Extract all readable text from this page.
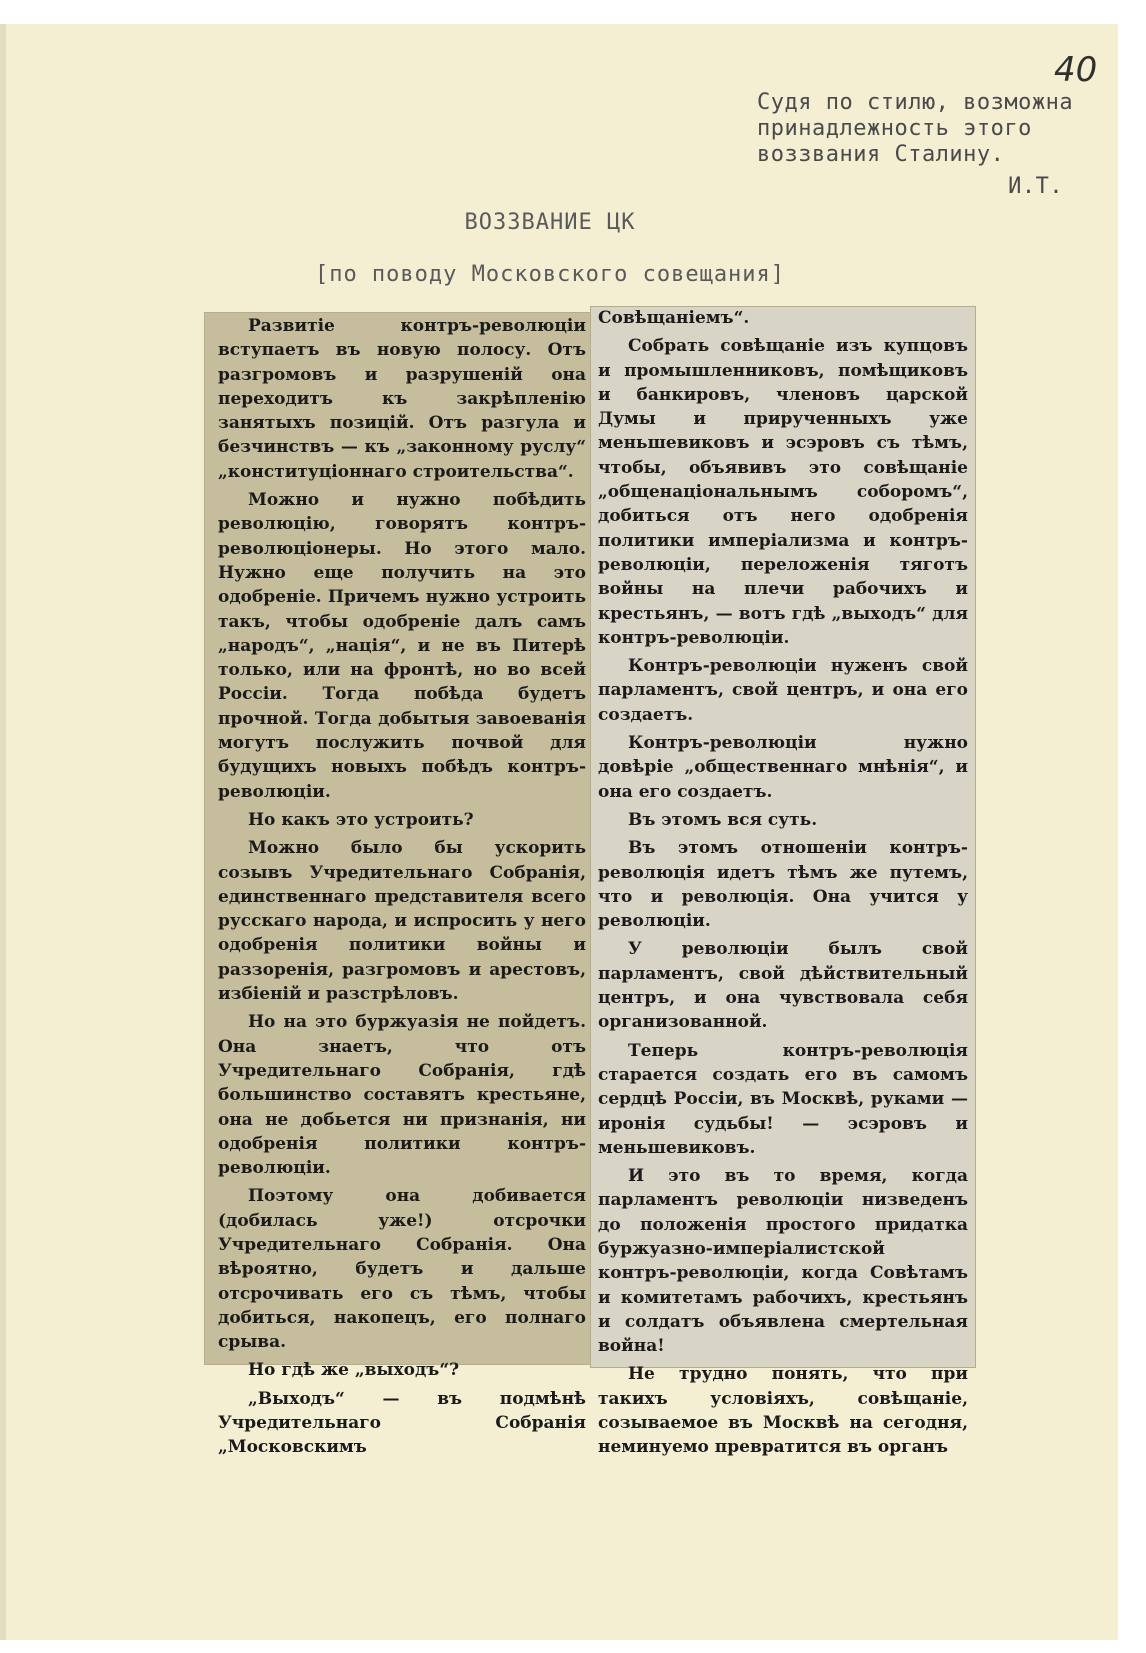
40
Судя по стилю, возможна
принадлежность этого
воззвания Сталину.
И.Т.
ВОЗЗВАНИЕ ЦК
[по поводу Московского совещания]

Развитіе контръ-революціи вступаетъ въ новую полосу. Отъ разгромовъ и разрушеній она переходитъ къ закрѣпленію занятыхъ позицій. Отъ разгула и безчинствъ — къ „законному руслу“ „конституціоннаго строительства“.

Можно и нужно побѣдить революцію, говорятъ контръ-революціонеры. Но этого мало. Нужно еще получить на это одобреніе. Причемъ нужно устроить такъ, чтобы одобреніе далъ самъ „народъ“, „нація“, и не въ Питерѣ только, или на фронтѣ, но во всей Россіи. Тогда побѣда будетъ прочной. Тогда добытыя завоеванія могутъ послужить почвой для будущихъ новыхъ побѣдъ контръ-революціи.

Но какъ это устроить?

Можно было бы ускорить созывъ Учредительнаго Собранія, единственнаго представителя всего русскаго народа, и испросить у него одобренія политики войны и раззоренія, разгромовъ и арестовъ, избіеній и разстрѣловъ.

Но на это буржуазія не пойдетъ. Она знаетъ, что отъ Учредительнаго Собранія, гдѣ большинство составятъ крестьяне, она не добьется ни признанія, ни одобренія политики контръ-революціи.

Поэтому она добивается (добилась уже!) отсрочки Учредительнаго Собранія. Она вѣроятно, будетъ и дальше отсрочивать его съ тѣмъ, чтобы добиться, накопецъ, его полнаго срыва.

Но гдѣ же „выходъ“?

„Выходъ“ — въ подмѣнѣ Учредительнаго Собранія „Московскимъ

Совѣщаніемъ“.

Собрать совѣщаніе изъ купцовъ и промышленниковъ, помѣщиковъ и банкировъ, членовъ царской Думы и прирученныхъ уже меньшевиковъ и эсэровъ съ тѣмъ, чтобы, объявивъ это совѣщаніе „общенаціональнымъ соборомъ“, добиться отъ него одобренія политики имперіализма и контръ-революціи, переложенія тяготъ войны на плечи рабочихъ и крестьянъ, — вотъ гдѣ „выходъ“ для контръ-революціи.

Контръ-революціи нуженъ свой парламентъ, свой центръ, и она его создаетъ.

Контръ-революціи нужно довѣріе „общественнаго мнѣнія“, и она его создаетъ.

Въ этомъ вся суть.

Въ этомъ отношеніи контръ-революція идетъ тѣмъ же путемъ, что и революція. Она учится у революціи.

У революціи былъ свой парламентъ, свой дѣйствительный центръ, и она чувствовала себя организованной.

Теперь контръ-революція старается создать его въ самомъ сердцѣ Россіи, въ Москвѣ, руками — иронія судьбы! — эсэровъ и меньшевиковъ.

И это въ то время, когда парламентъ революціи низведенъ до положенія простого придатка буржуазно-имперіалистской контръ-революціи, когда Совѣтамъ и комитетамъ рабочихъ, крестьянъ и солдатъ объявлена смертельная война!

Не трудно понять, что при такихъ условіяхъ, совѣщаніе, созываемое въ Москвѣ на сегодня, неминуемо превратится въ органъ
